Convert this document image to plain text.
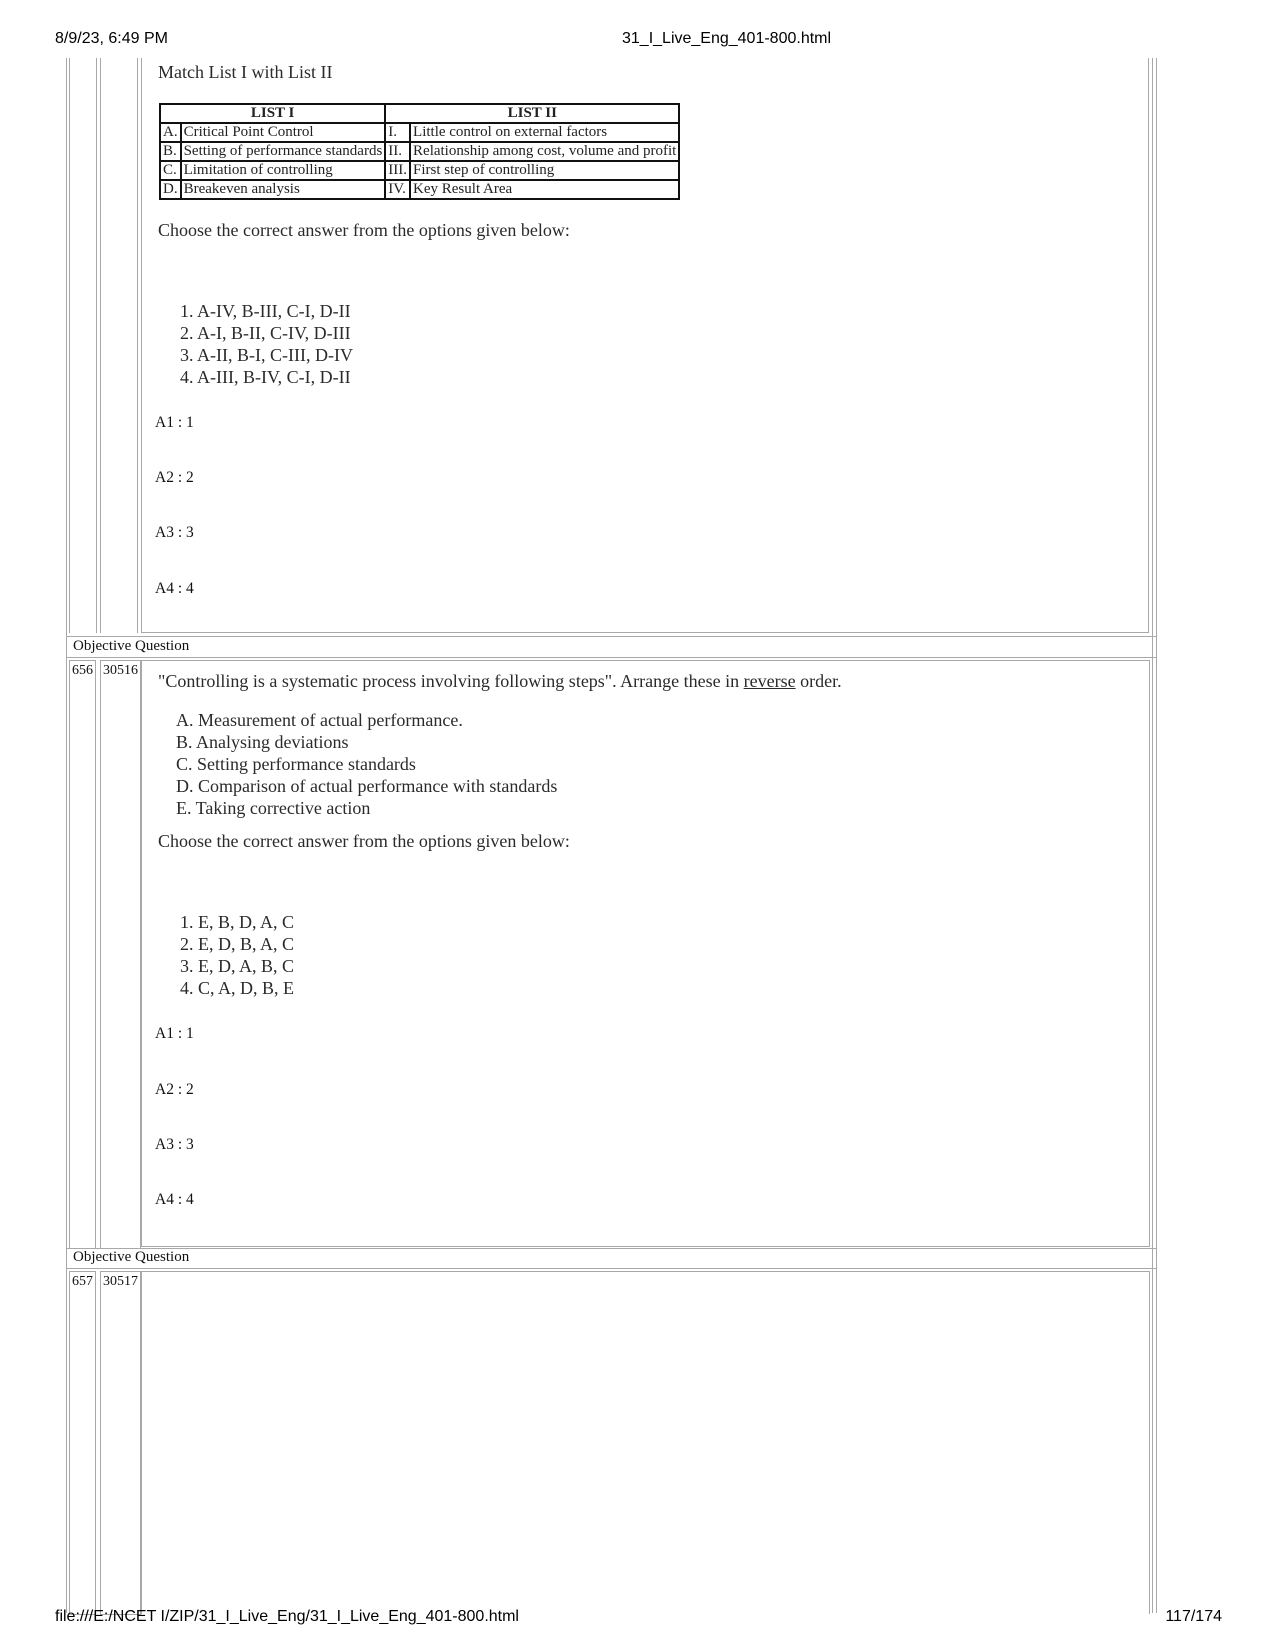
8/9/23, 6:49 PM	31_I_Live_Eng_401-800.html
Match List I with List II
LIST I		LIST II	
A.	Critical Point Control	I.	Little control on external factors
B.	Setting of performance standards	II.	Relationship among cost, volume and profit
C.	Limitation of controlling	III.	First step of controlling
D.	Breakeven analysis	IV.	Key Result Area
Choose the correct answer from the options given below:
1. A-IV, B-III, C-I, D-II
2. A-I, B-II, C-IV, D-III
3. A-II, B-I, C-III, D-IV
4. A-III, B-IV, C-I, D-II
A1 : 1
A2 : 2
A3 : 3
A4 : 4
Objective Question
656 30516
"Controlling is a systematic process involving following steps". Arrange these in reverse order.
A. Measurement of actual performance.
B. Analysing deviations
C. Setting performance standards
D. Comparison of actual performance with standards
E. Taking corrective action
Choose the correct answer from the options given below:
1. E, B, D, A, C
2. E, D, B, A, C
3. E, D, A, B, C
4. C, A, D, B, E
A1 : 1
A2 : 2
A3 : 3
A4 : 4
Objective Question
657 30517
file:///E:/NCET I/ZIP/31_I_Live_Eng/31_I_Live_Eng_401-800.html	117/174
